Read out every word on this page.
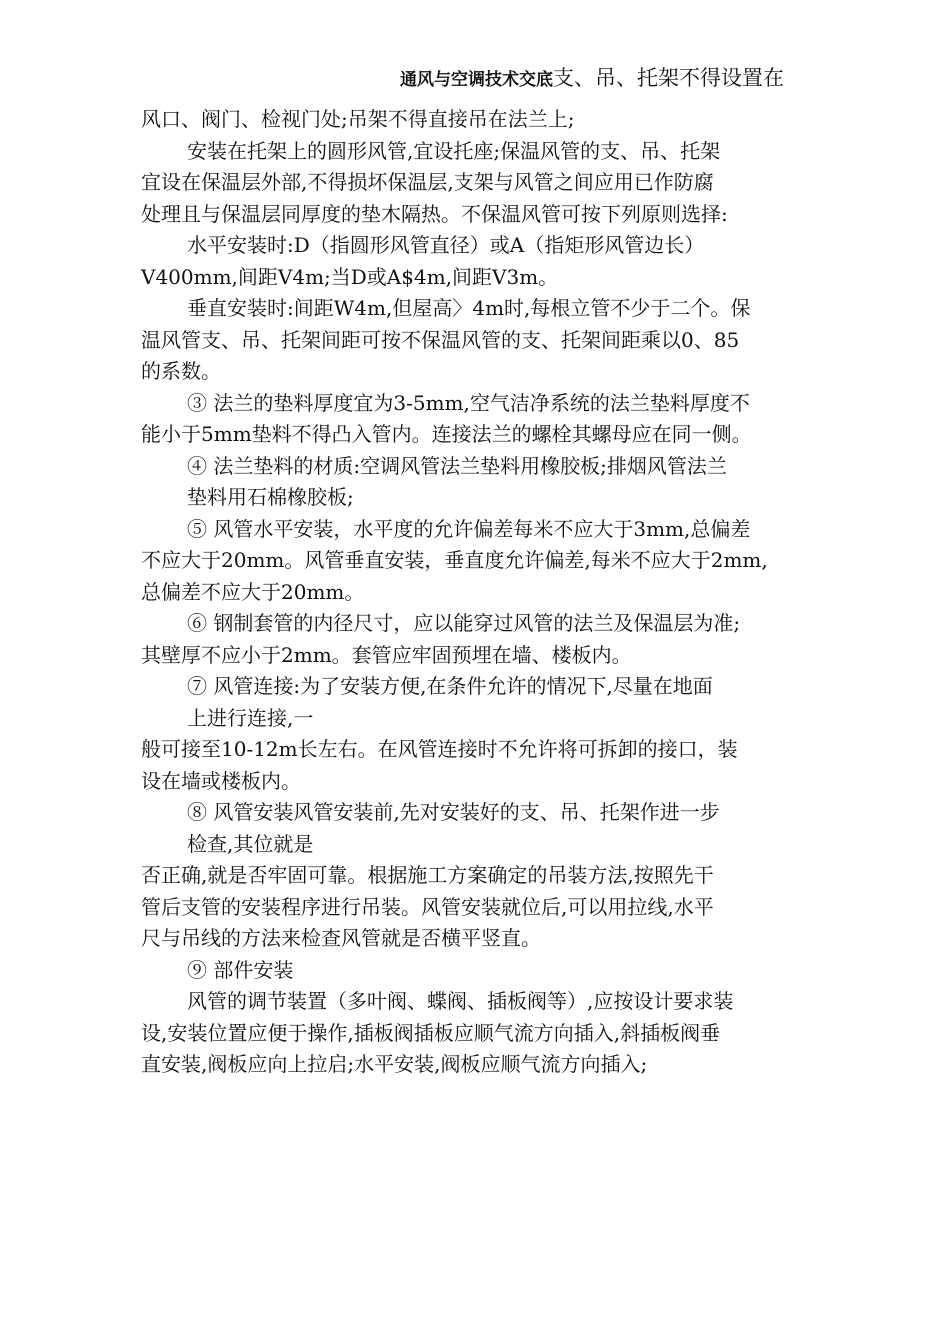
通风与空调技术交底支、吊、托架不得设置在

风口、阀门、检视门处;吊架不得直接吊在法兰上;

安装在托架上的圆形风管,宜设托座;保温风管的支、吊、托架

宜设在保温层外部,不得损坏保温层,支架与风管之间应用已作防腐

处理且与保温层同厚度的垫木隔热。不保温风管可按下列原则选择:

水平安装时:D（指圆形风管直径）或A（指矩形风管边长）

V400mm,间距V4m;当D或A$4m,间距V3m。

垂直安装时:间距W4m,但屋高〉4m时,每根立管不少于二个。保

温风管支、吊、托架间距可按不保温风管的支、托架间距乘以0、85

的系数。

③ 法兰的垫料厚度宜为3-5mm,空气洁净系统的法兰垫料厚度不

能小于5mm垫料不得凸入管内。连接法兰的螺栓其螺母应在同一侧。

④ 法兰垫料的材质:空调风管法兰垫料用橡胶板;排烟风管法兰

垫料用石棉橡胶板;

⑤ 风管水平安装，水平度的允许偏差每米不应大于3mm,总偏差

不应大于20mm。风管垂直安装，垂直度允许偏差,每米不应大于2mm,

总偏差不应大于20mm。

⑥ 钢制套管的内径尺寸，应以能穿过风管的法兰及保温层为准;

其壁厚不应小于2mm。套管应牢固预埋在墙、楼板内。

⑦ 风管连接:为了安装方便,在条件允许的情况下,尽量在地面

上进行连接,一

般可接至10-12m长左右。在风管连接时不允许将可拆卸的接口，装

设在墙或楼板内。

⑧ 风管安装风管安装前,先对安装好的支、吊、托架作进一步

检查,其位就是

否正确,就是否牢固可靠。根据施工方案确定的吊装方法,按照先干

管后支管的安装程序进行吊装。风管安装就位后,可以用拉线,水平

尺与吊线的方法来检查风管就是否横平竖直。

⑨ 部件安装

风管的调节装置（多叶阀、蝶阀、插板阀等）,应按设计要求装

设,安装位置应便于操作,插板阀插板应顺气流方向插入,斜插板阀垂

直安装,阀板应向上拉启;水平安装,阀板应顺气流方向插入;
